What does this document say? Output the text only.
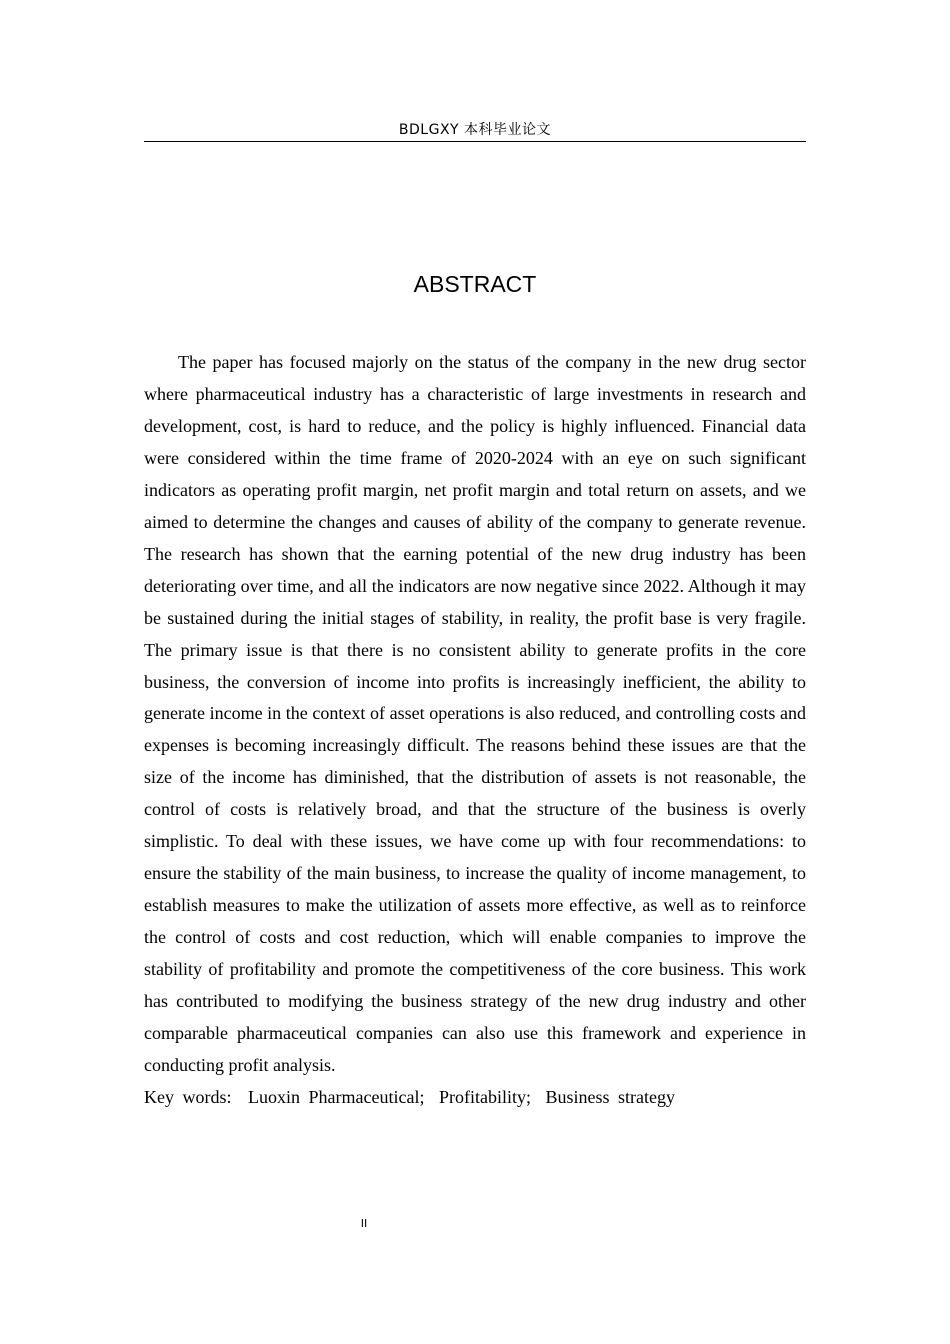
BDLGXY 本科毕业论文
ABSTRACT

The paper has focused majorly on the status of the company in the new drug sector where pharmaceutical industry has a characteristic of large investments in research and development, cost, is hard to reduce, and the policy is highly influenced. Financial data were considered within the time frame of 2020-2024 with an eye on such significant indicators as operating profit margin, net profit margin and total return on assets, and we aimed to determine the changes and causes of ability of the company to generate revenue. The research has shown that the earning potential of the new drug industry has been deteriorating over time, and all the indicators are now negative since 2022. Although it may be sustained during the initial stages of stability, in reality, the profit base is very fragile. The primary issue is that there is no consistent ability to generate profits in the core business, the conversion of income into profits is increasingly inefficient, the ability to generate income in the context of asset operations is also reduced, and controlling costs and expenses is becoming increasingly difficult. The reasons behind these issues are that the size of the income has diminished, that the distribution of assets is not reasonable, the control of costs is relatively broad, and that the structure of the business is overly simplistic. To deal with these issues, we have come up with four recommendations: to ensure the stability of the main business, to increase the quality of income management, to establish measures to make the utilization of assets more effective, as well as to reinforce the control of costs and cost reduction, which will enable companies to improve the stability of profitability and promote the competitiveness of the core business. This work has contributed to modifying the business strategy of the new drug industry and other comparable pharmaceutical companies can also use this framework and experience in conducting profit analysis.

Key words: Luoxin Pharmaceutical; Profitability; Business strategy
II
